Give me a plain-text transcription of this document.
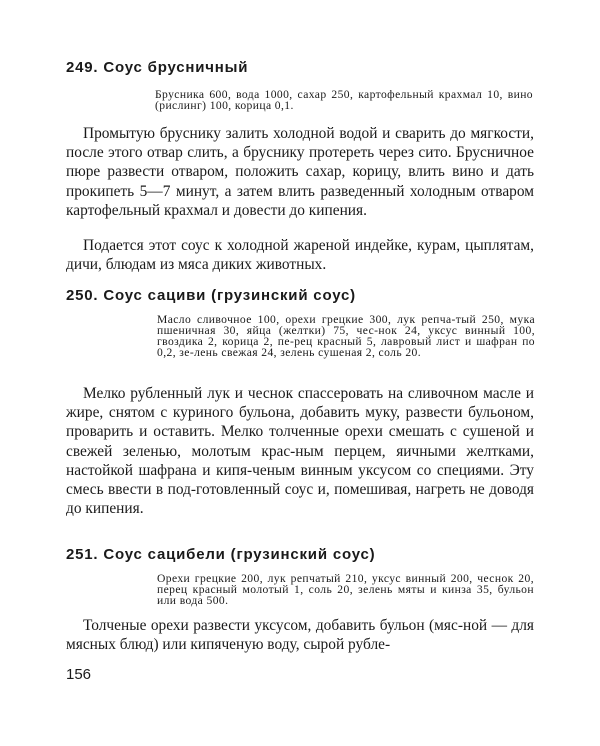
249. Соус брусничный
Брусника 600, вода 1000, сахар 250, картофельный крахмал 10, вино (рислинг) 100, корица 0,1.
Промытую бруснику залить холодной водой и сварить до мягкости, после этого отвар слить, а бруснику протереть через сито. Брусничное пюре развести отваром, положить сахар, корицу, влить вино и дать прокипеть 5—7 минут, а затем влить разведенный холодным отваром картофельный крахмал и довести до кипения.
Подается этот соус к холодной жареной индейке, курам, цыплятам, дичи, блюдам из мяса диких животных.
250. Соус сациви (грузинский соус)
Масло сливочное 100, орехи грецкие 300, лук репча-тый 250, мука пшеничная 30, яйца (желтки) 75, чес-нок 24, уксус винный 100, гвоздика 2, корица 2, пе-рец красный 5, лавровый лист и шафран по 0,2, зе-лень свежая 24, зелень сушеная 2, соль 20.
Мелко рубленный лук и чеснок спассеровать на сливочном масле и жире, снятом с куриного бульона, добавить муку, развести бульоном, проварить и оставить. Мелко толченные орехи смешать с сушеной и свежей зеленью, молотым крас-ным перцем, яичными желтками, настойкой шафрана и кипя-ченым винным уксусом со специями. Эту смесь ввести в под-готовленный соус и, помешивая, нагреть не доводя до кипения.
251. Соус сацибели (грузинский соус)
Орехи грецкие 200, лук репчатый 210, уксус винный 200, чеснок 20, перец красный молотый 1, соль 20, зелень мяты и кинза 35, бульон или вода 500.
Толченые орехи развести уксусом, добавить бульон (мяс-ной — для мясных блюд) или кипяченую воду, сырой рубле-
156
